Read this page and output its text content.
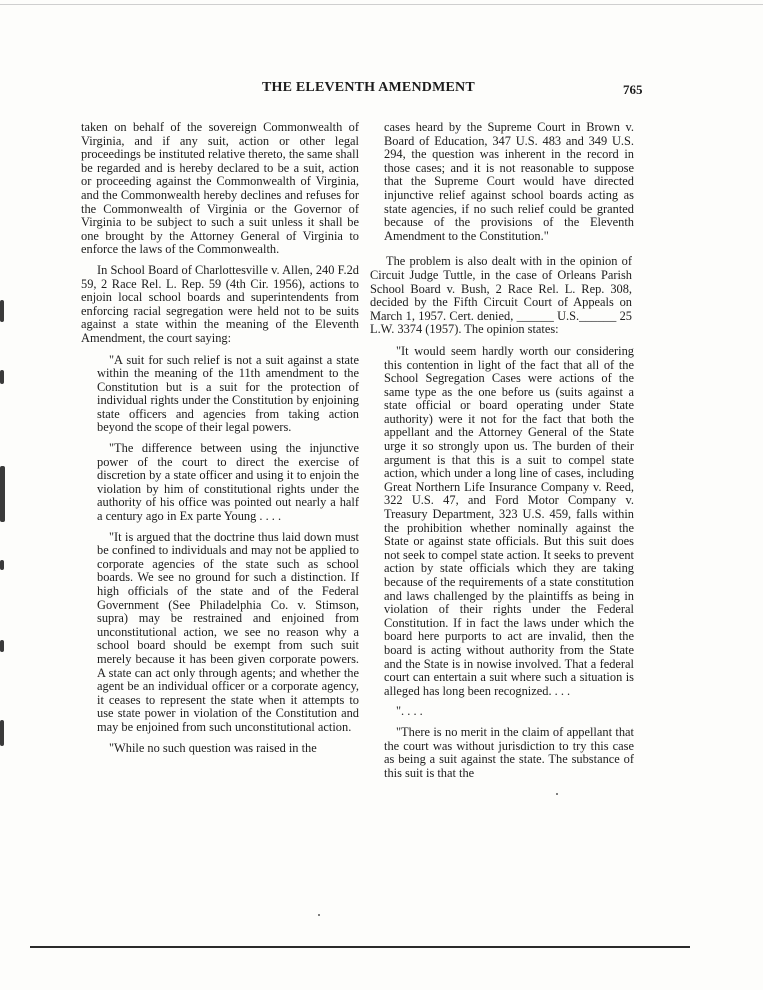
THE ELEVENTH AMENDMENT	765

taken on behalf of the sovereign Commonwealth of Virginia, and if any suit, action or other legal proceedings be instituted relative thereto, the same shall be regarded and is hereby declared to be a suit, action or proceeding against the Commonwealth of Virginia, and the Commonwealth hereby declines and refuses for the Commonwealth of Virginia or the Governor of Virginia to be subject to such a suit unless it shall be one brought by the Attorney General of Virginia to enforce the laws of the Commonwealth.

In School Board of Charlottesville v. Allen, 240 F.2d 59, 2 Race Rel. L. Rep. 59 (4th Cir. 1956), actions to enjoin local school boards and superintendents from enforcing racial segregation were held not to be suits against a state within the meaning of the Eleventh Amendment, the court saying:

"A suit for such relief is not a suit against a state within the meaning of the 11th amendment to the Constitution but is a suit for the protection of individual rights under the Constitution by enjoining state officers and agencies from taking action beyond the scope of their legal powers.

"The difference between using the injunctive power of the court to direct the exercise of discretion by a state officer and using it to enjoin the violation by him of constitutional rights under the authority of his office was pointed out nearly a half a century ago in Ex parte Young . . . .

"It is argued that the doctrine thus laid down must be confined to individuals and may not be applied to corporate agencies of the state such as school boards. We see no ground for such a distinction. If high officials of the state and of the Federal Government (See Philadelphia Co. v. Stimson, supra) may be restrained and enjoined from unconstitutional action, we see no reason why a school board should be exempt from such suit merely because it has been given corporate powers. A state can act only through agents; and whether the agent be an individual officer or a corporate agency, it ceases to represent the state when it attempts to use state power in violation of the Constitution and may be enjoined from such unconstitutional action.

"While no such question was raised in the

cases heard by the Supreme Court in Brown v. Board of Education, 347 U.S. 483 and 349 U.S. 294, the question was inherent in the record in those cases; and it is not reasonable to suppose that the Supreme Court would have directed injunctive relief against school boards acting as state agencies, if no such relief could be granted because of the provisions of the Eleventh Amendment to the Constitution."

The problem is also dealt with in the opinion of Circuit Judge Tuttle, in the case of Orleans Parish School Board v. Bush, 2 Race Rel. L. Rep. 308, decided by the Fifth Circuit Court of Appeals on March 1, 1957. Cert. denied, ______ U.S.______ 25 L.W. 3374 (1957). The opinion states:

"It would seem hardly worth our considering this contention in light of the fact that all of the School Segregation Cases were actions of the same type as the one before us (suits against a state official or board operating under State authority) were it not for the fact that both the appellant and the Attorney General of the State urge it so strongly upon us. The burden of their argument is that this is a suit to compel state action, which under a long line of cases, including Great Northern Life Insurance Company v. Reed, 322 U.S. 47, and Ford Motor Company v. Treasury Department, 323 U.S. 459, falls within the prohibition whether nominally against the State or against state officials. But this suit does not seek to compel state action. It seeks to prevent action by state officials which they are taking because of the requirements of a state constitution and laws challenged by the plaintiffs as being in violation of their rights under the Federal Constitution. If in fact the laws under which the board here purports to act are invalid, then the board is acting without authority from the State and the State is in nowise involved. That a federal court can entertain a suit where such a situation is alleged has long been recognized. . . .

". . . .

"There is no merit in the claim of appellant that the court was without jurisdiction to try this case as being a suit against the state. The substance of this suit is that the
